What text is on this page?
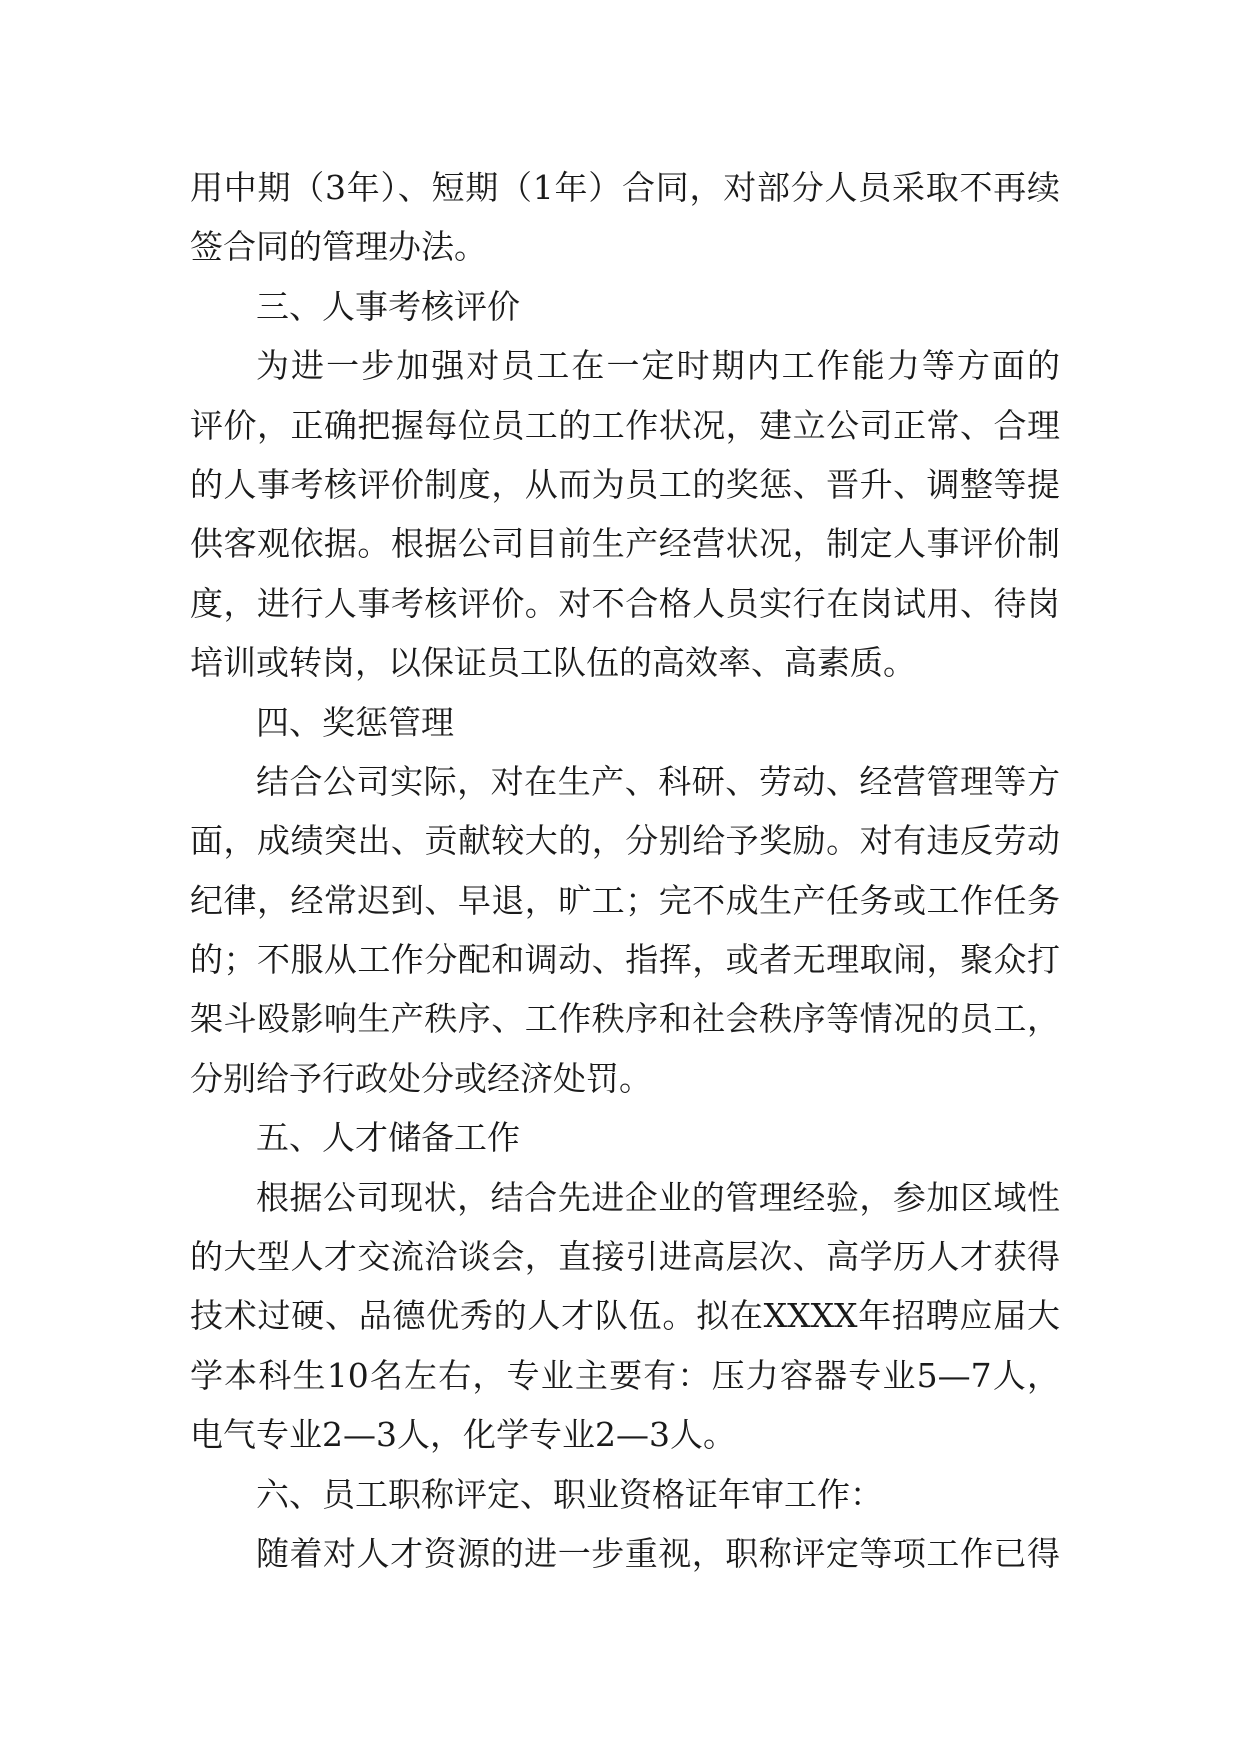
用中期（3年）、短期（1年）合同，对部分人员采取不再续
签合同的管理办法。
三、人事考核评价
为进一步加强对员工在一定时期内工作能力等方面的
评价，正确把握每位员工的工作状况，建立公司正常、合理
的人事考核评价制度，从而为员工的奖惩、晋升、调整等提
供客观依据。根据公司目前生产经营状况，制定人事评价制
度，进行人事考核评价。对不合格人员实行在岗试用、待岗
培训或转岗，以保证员工队伍的高效率、高素质。
四、奖惩管理
结合公司实际，对在生产、科研、劳动、经营管理等方
面，成绩突出、贡献较大的，分别给予奖励。对有违反劳动
纪律，经常迟到、早退，旷工；完不成生产任务或工作任务
的；不服从工作分配和调动、指挥，或者无理取闹，聚众打
架斗殴影响生产秩序、工作秩序和社会秩序等情况的员工，
分别给予行政处分或经济处罚。
五、人才储备工作
根据公司现状，结合先进企业的管理经验，参加区域性
的大型人才交流洽谈会，直接引进高层次、高学历人才获得
技术过硬、品德优秀的人才队伍。拟在XXXX年招聘应届大
学本科生10名左右，专业主要有：压力容器专业5—7人，
电气专业2—3人，化学专业2—3人。
六、员工职称评定、职业资格证年审工作：
随着对人才资源的进一步重视，职称评定等项工作已得
